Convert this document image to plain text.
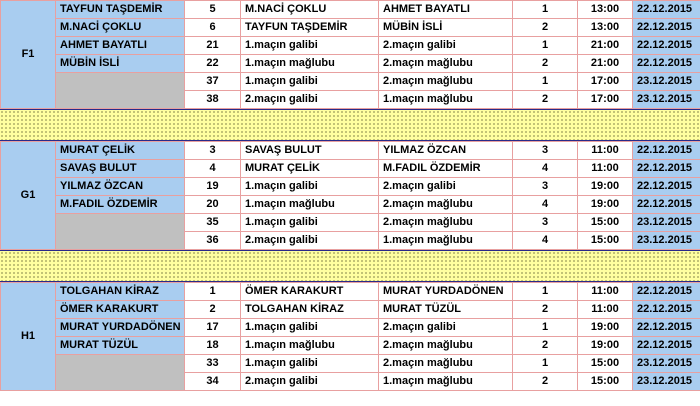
F1	TAYFUN TAŞDEMİR	5	M.NACİ ÇOKLU	AHMET BAYATLI	1	13:00	22.12.2015
	M.NACİ ÇOKLU	6	TAYFUN TAŞDEMİR	MÜBİN İSLİ	2	13:00	22.12.2015
	AHMET BAYATLI	21	1.maçın galibi	2.maçın galibi	1	21:00	22.12.2015
	MÜBİN İSLİ	22	1.maçın mağlubu	2.maçın mağlubu	2	21:00	22.12.2015
		37	1.maçın galibi	2.maçın mağlubu	1	17:00	23.12.2015
		38	2.maçın galibi	1.maçın mağlubu	2	17:00	23.12.2015
G1	MURAT ÇELİK	3	SAVAŞ BULUT	YILMAZ ÖZCAN	3	11:00	22.12.2015
	SAVAŞ BULUT	4	MURAT ÇELİK	M.FADIL ÖZDEMİR	4	11:00	22.12.2015
	YILMAZ ÖZCAN	19	1.maçın galibi	2.maçın galibi	3	19:00	22.12.2015
	M.FADIL ÖZDEMİR	20	1.maçın mağlubu	2.maçın mağlubu	4	19:00	22.12.2015
		35	1.maçın galibi	2.maçın mağlubu	3	15:00	23.12.2015
		36	2.maçın galibi	1.maçın mağlubu	4	15:00	23.12.2015
H1	TOLGAHAN KİRAZ	1	ÖMER KARAKURT	MURAT YURDADÖNEN	1	11:00	22.12.2015
	ÖMER KARAKURT	2	TOLGAHAN KİRAZ	MURAT TÜZÜL	2	11:00	22.12.2015
	MURAT YURDADÖNEN	17	1.maçın galibi	2.maçın galibi	1	19:00	22.12.2015
	MURAT TÜZÜL	18	1.maçın mağlubu	2.maçın mağlubu	2	19:00	22.12.2015
		33	1.maçın galibi	2.maçın mağlubu	1	15:00	23.12.2015
		34	2.maçın galibi	1.maçın mağlubu	2	15:00	23.12.2015
